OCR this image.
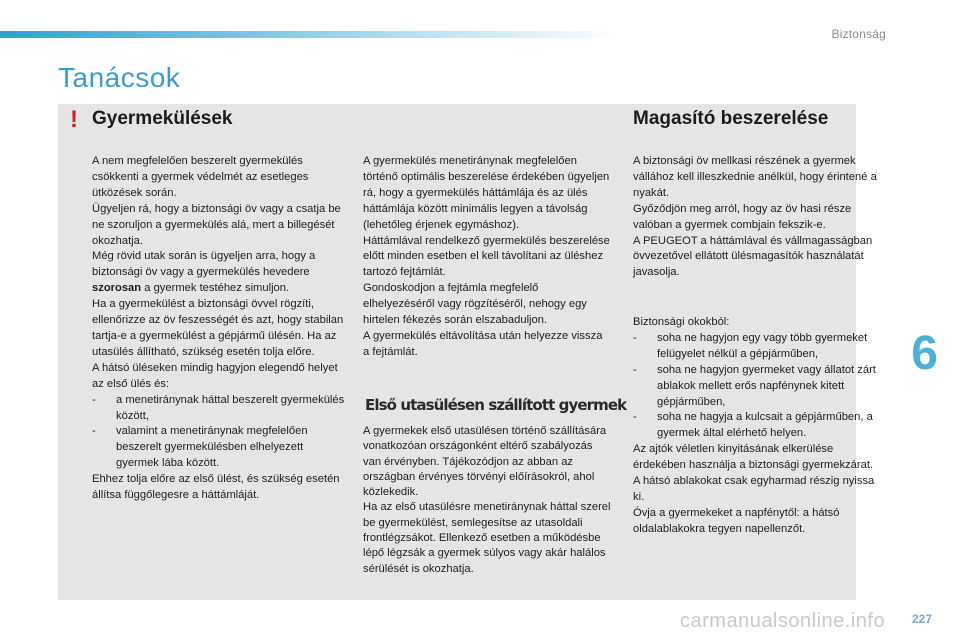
Biztonság
Tanácsok
! Gyermekülések	Magasító beszerelése

A nem megfelelően beszerelt gyermekülés csökkenti a gyermek védelmét az esetleges ütközések során.

Ügyeljen rá, hogy a biztonsági öv vagy a csatja be ne szoruljon a gyermekülés alá, mert a billegését okozhatja.

Még rövid utak során is ügyeljen arra, hogy a biztonsági öv vagy a gyermekülés hevedere szorosan a gyermek testéhez simuljon.

Ha a gyermekülést a biztonsági övvel rögzíti, ellenőrizze az öv feszességét és azt, hogy stabilan tartja-e a gyermekülést a gépjármű ülésén. Ha az utasülés állítható, szükség esetén tolja előre.

A hátsó üléseken mindig hagyjon elegendő helyet az első ülés és:

-	a menetiránynak háttal beszerelt gyermekülés között,
-	valamint a menetiránynak megfelelően beszerelt gyermekülésben elhelyezett gyermek lába között.

Ehhez tolja előre az első ülést, és szükség esetén állítsa függőlegesre a háttámláját.

A gyermekülés menetiránynak megfelelően történő optimális beszerelése érdekében ügyeljen rá, hogy a gyermekülés háttámlája és az ülés háttámlája között minimális legyen a távolság (lehetőleg érjenek egymáshoz).

Háttámlával rendelkező gyermekülés beszerelése előtt minden esetben el kell távolítani az üléshez tartozó fejtámlát.

Gondoskodjon a fejtámla megfelelő elhelyezéséről vagy rögzítéséről, nehogy egy hirtelen fékezés során elszabaduljon.

A gyermekülés eltávolítása után helyezze vissza a fejtámlát.

Első utasülésen szállított gyermek

A gyermekek első utasülésen történő szállítására vonatkozóan országonként eltérő szabályozás van érvényben. Tájékozódjon az abban az országban érvényes törvényi előírásokról, ahol közlekedik.

Ha az első utasülésre menetiránynak háttal szerel be gyermekülést, semlegesítse az utasoldali frontlégzsákot. Ellenkező esetben a működésbe lépő légzsák a gyermek súlyos vagy akár halálos sérülését is okozhatja.

A biztonsági öv mellkasi részének a gyermek vállához kell illeszkednie anélkül, hogy érintené a nyakát.

Győződjön meg arról, hogy az öv hasi része valóban a gyermek combjain fekszik-e.

A PEUGEOT a háttámlával és vállmagasságban övvezetővel ellátott ülésmagasítók használatát javasolja.

Biztonsági okokból:

-	soha ne hagyjon egy vagy több gyermeket felügyelet nélkül a gépjárműben,
-	soha ne hagyjon gyermeket vagy állatot zárt ablakok mellett erős napfénynek kitett gépjárműben,
-	soha ne hagyja a kulcsait a gépjárműben, a gyermek által elérhető helyen.

Az ajtók véletlen kinyitásának elkerülése érdekében használja a biztonsági gyermekzárat.

A hátsó ablakokat csak egyharmad részig nyissa ki.

Óvja a gyermekeket a napfénytől: a hátsó oldalablakokra tegyen napellenzőt.

6
carmanualsonline.info 227
